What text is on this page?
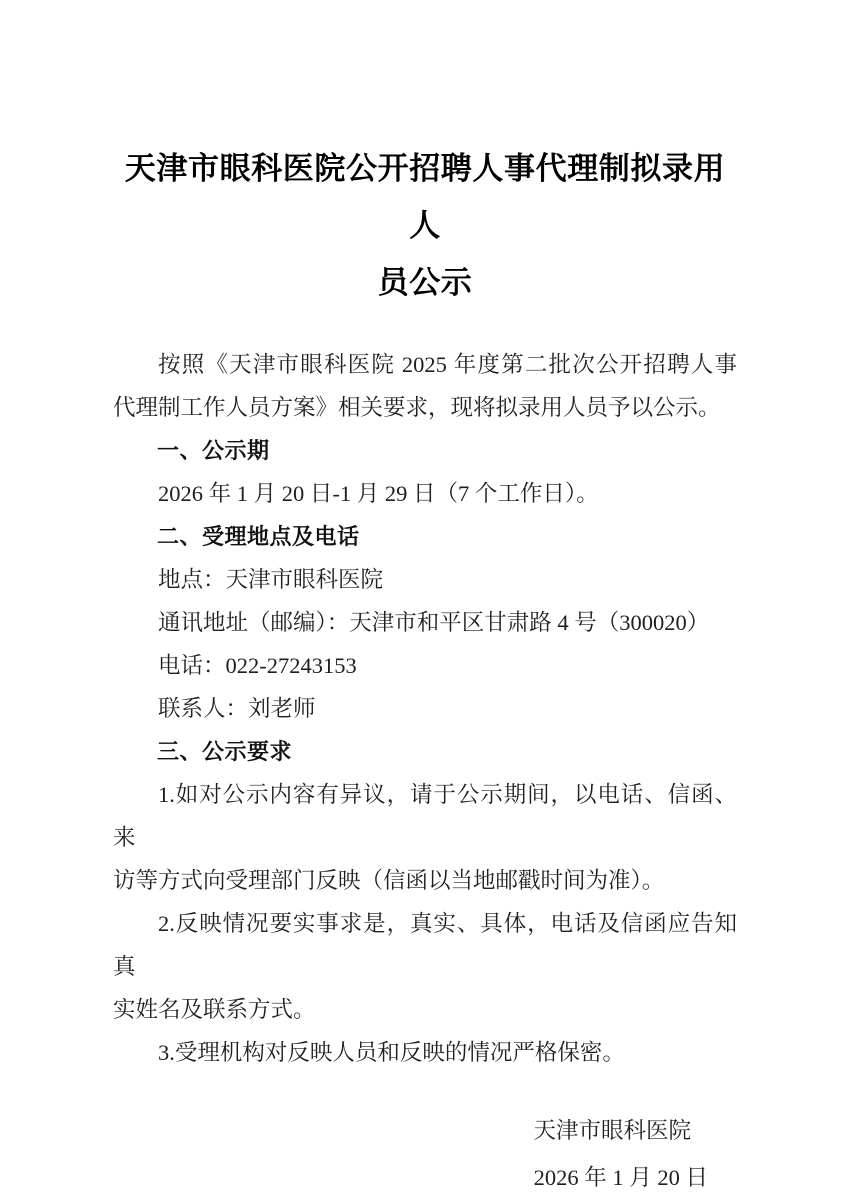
天津市眼科医院公开招聘人事代理制拟录用人
员公示
按照《天津市眼科医院 2025 年度第二批次公开招聘人事
代理制工作人员方案》相关要求，现将拟录用人员予以公示。
一、公示期
2026 年 1 月 20 日-1 月 29 日（7 个工作日）。
二、受理地点及电话
地点：天津市眼科医院
通讯地址（邮编）：天津市和平区甘肃路 4 号（300020）
电话：022-27243153
联系人：刘老师
三、公示要求
1.如对公示内容有异议，请于公示期间，以电话、信函、来
访等方式向受理部门反映（信函以当地邮戳时间为准）。
2.反映情况要实事求是，真实、具体，电话及信函应告知真
实姓名及联系方式。
3.受理机构对反映人员和反映的情况严格保密。
天津市眼科医院
2026 年 1 月 20 日
